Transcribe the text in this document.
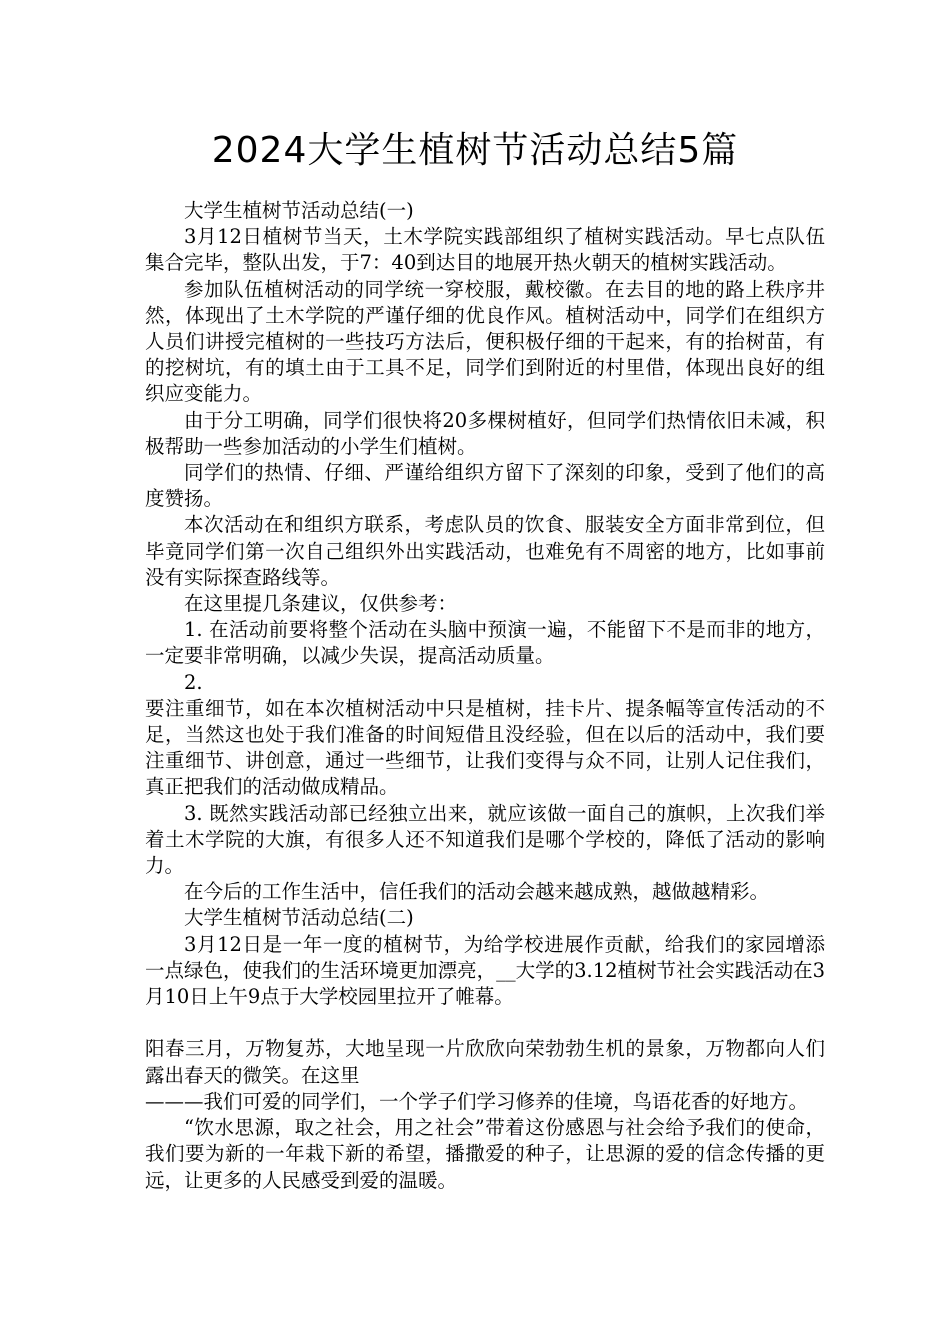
2024大学生植树节活动总结5篇

大学生植树节活动总结(一)

3月12日植树节当天，土木学院实践部组织了植树实践活动。早七点队伍集合完毕，整队出发，于7：40到达目的地展开热火朝天的植树实践活动。

参加队伍植树活动的同学统一穿校服，戴校徽。在去目的地的路上秩序井然，体现出了土木学院的严谨仔细的优良作风。植树活动中，同学们在组织方人员们讲授完植树的一些技巧方法后，便积极仔细的干起来，有的抬树苗，有的挖树坑，有的填土由于工具不足，同学们到附近的村里借，体现出良好的组织应变能力。

由于分工明确，同学们很快将20多棵树植好，但同学们热情依旧未减，积极帮助一些参加活动的小学生们植树。

同学们的热情、仔细、严谨给组织方留下了深刻的印象，受到了他们的高度赞扬。

本次活动在和组织方联系，考虑队员的饮食、服装安全方面非常到位，但毕竟同学们第一次自己组织外出实践活动，也难免有不周密的地方，比如事前没有实际探查路线等。

在这里提几条建议，仅供参考：

1. 在活动前要将整个活动在头脑中预演一遍，不能留下不是而非的地方，一定要非常明确，以减少失误，提高活动质量。

2.

要注重细节，如在本次植树活动中只是植树，挂卡片、提条幅等宣传活动的不足，当然这也处于我们准备的时间短借且没经验，但在以后的活动中，我们要注重细节、讲创意，通过一些细节，让我们变得与众不同，让别人记住我们，真正把我们的活动做成精品。

3. 既然实践活动部已经独立出来，就应该做一面自己的旗帜，上次我们举着土木学院的大旗，有很多人还不知道我们是哪个学校的，降低了活动的影响力。

在今后的工作生活中，信任我们的活动会越来越成熟，越做越精彩。

大学生植树节活动总结(二)

3月12日是一年一度的植树节，为给学校进展作贡献，给我们的家园增添一点绿色，使我们的生活环境更加漂亮，__大学的3.12植树节社会实践活动在3月10日上午9点于大学校园里拉开了帷幕。

阳春三月，万物复苏，大地呈现一片欣欣向荣勃勃生机的景象，万物都向人们露出春天的微笑。在这里

———我们可爱的同学们，一个学子们学习修养的佳境，鸟语花香的好地方。

“饮水思源，取之社会，用之社会”带着这份感恩与社会给予我们的使命，我们要为新的一年栽下新的希望，播撒爱的种子，让思源的爱的信念传播的更远，让更多的人民感受到爱的温暖。
